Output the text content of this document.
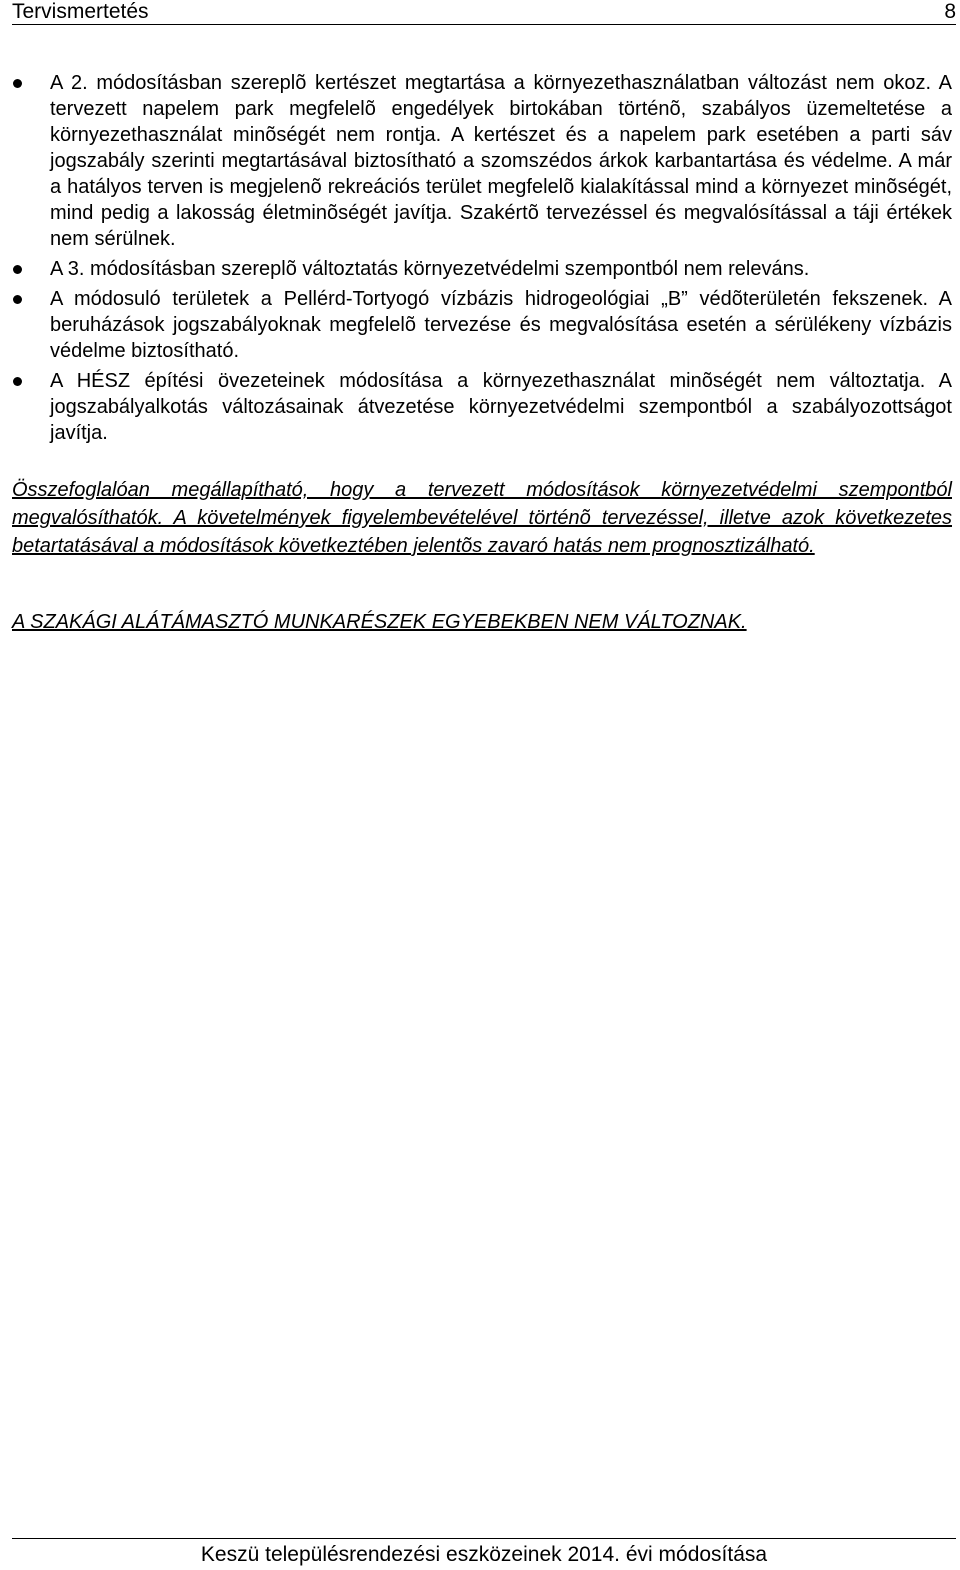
Tervismertetés	8
A 2. módosításban szereplõ kertészet megtartása a környezethasználatban változást nem okoz. A tervezett napelem park megfelelõ engedélyek birtokában történõ, szabályos üzemeltetése a környezethasználat minõségét nem rontja. A kertészet és a napelem park esetében a parti sáv jogszabály szerinti megtartásával biztosítható a szomszédos árkok karbantartása és védelme. A már a hatályos terven is megjelenõ rekreációs terület megfelelõ kialakítással mind a környezet minõségét, mind pedig a lakosság életminõségét javítja. Szakértõ tervezéssel és megvalósítással a táji értékek nem sérülnek.
A 3. módosításban szereplõ változtatás környezetvédelmi szempontból nem releváns.
A módosuló területek a Pellérd-Tortyogó vízbázis hidrogeológiai „B” védõterületén fekszenek. A beruházások jogszabályoknak megfelelõ tervezése és megvalósítása esetén a sérülékeny vízbázis védelme biztosítható.
A HÉSZ építési övezeteinek módosítása a környezethasználat minõségét nem változtatja. A jogszabályalkotás változásainak átvezetése környezetvédelmi szempontból a szabályozottságot javítja.

Összefoglalóan megállapítható, hogy a tervezett módosítások környezetvédelmi szempontból megvalósíthatók. A követelmények figyelembevételével történõ tervezéssel, illetve azok következetes betartatásával a módosítások következtében jelentõs zavaró hatás nem prognosztizálható.

A SZAKÁGI ALÁTÁMASZTÓ MUNKARÉSZEK EGYEBEKBEN NEM VÁLTOZNAK.

Keszü településrendezési eszközeinek 2014. évi módosítása
